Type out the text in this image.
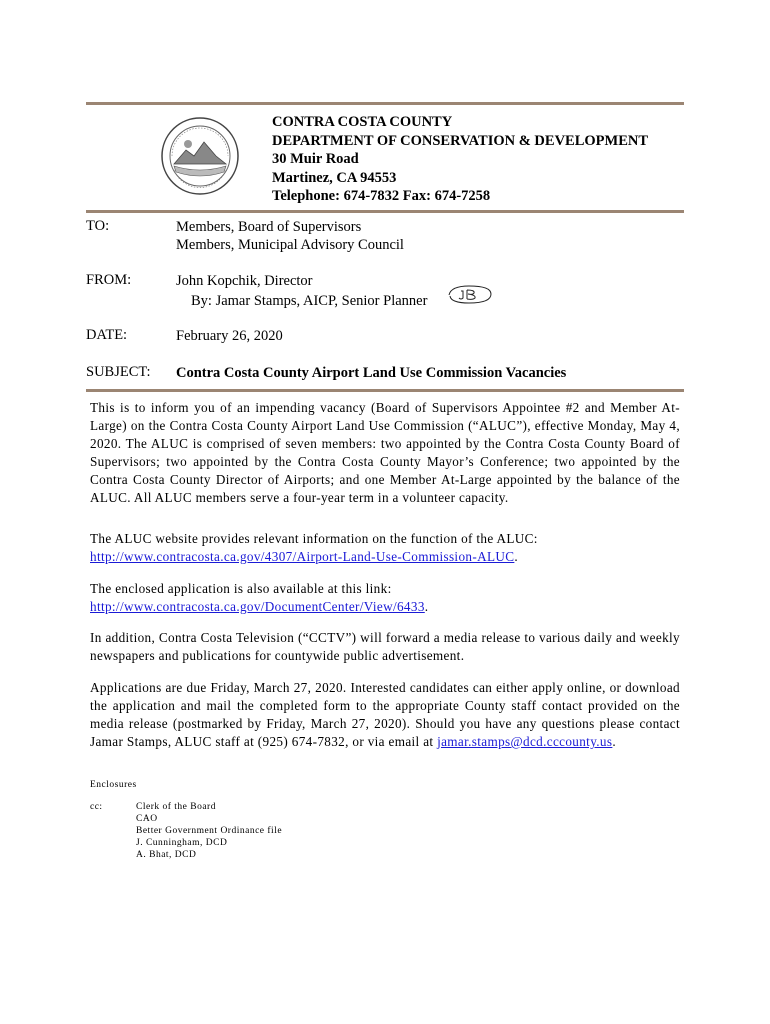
CONTRA COSTA COUNTY
DEPARTMENT OF CONSERVATION & DEVELOPMENT
30 Muir Road
Martinez, CA 94553
Telephone: 674-7832 Fax: 674-7258
TO:	Members, Board of Supervisors
Members, Municipal Advisory Council
FROM:	John Kopchik, Director
By: Jamar Stamps, AICP, Senior Planner
DATE:	February 26, 2020
SUBJECT: Contra Costa County Airport Land Use Commission Vacancies

This is to inform you of an impending vacancy (Board of Supervisors Appointee #2 and Member At-Large) on the Contra Costa County Airport Land Use Commission (“ALUC”), effective Monday, May 4, 2020. The ALUC is comprised of seven members: two appointed by the Contra Costa County Board of Supervisors; two appointed by the Contra Costa County Mayor’s Conference; two appointed by the Contra Costa County Director of Airports; and one Member At-Large appointed by the balance of the ALUC. All ALUC members serve a four-year term in a volunteer capacity.

The ALUC website provides relevant information on the function of the ALUC:
http://www.contracosta.ca.gov/4307/Airport-Land-Use-Commission-ALUC.

The enclosed application is also available at this link:
http://www.contracosta.ca.gov/DocumentCenter/View/6433.

In addition, Contra Costa Television (“CCTV”) will forward a media release to various daily and weekly newspapers and publications for countywide public advertisement.

Applications are due Friday, March 27, 2020. Interested candidates can either apply online, or download the application and mail the completed form to the appropriate County staff contact provided on the media release (postmarked by Friday, March 27, 2020). Should you have any questions please contact Jamar Stamps, ALUC staff at (925) 674-7832, or via email at jamar.stamps@dcd.cccounty.us.

Enclosures
cc:	Clerk of the Board
CAO
Better Government Ordinance file
J. Cunningham, DCD
A. Bhat, DCD
